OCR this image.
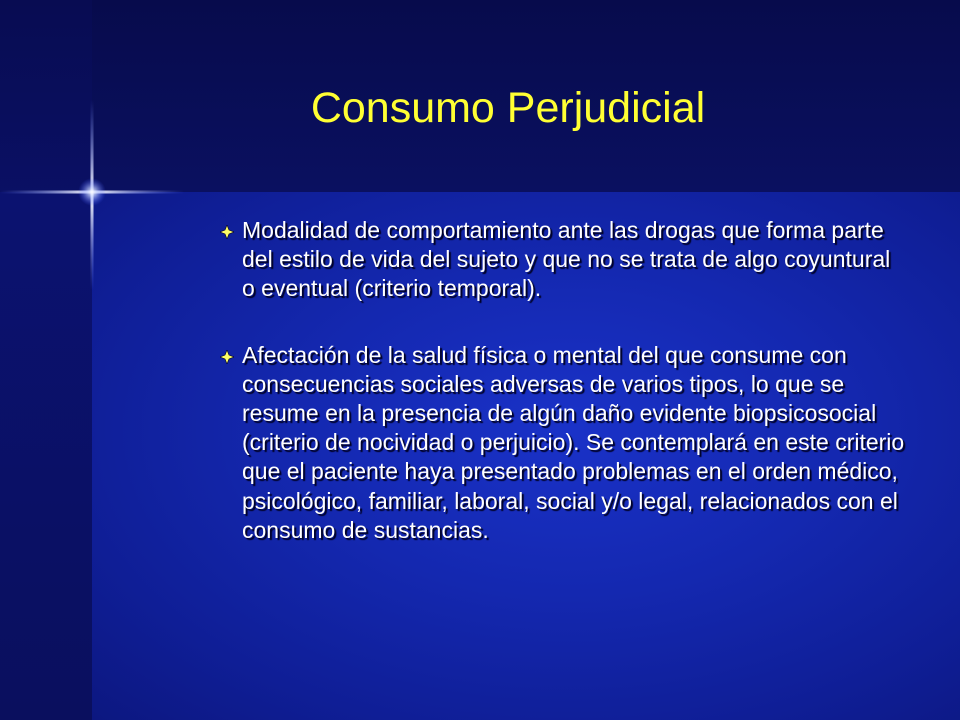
Consumo Perjudicial
Modalidad de comportamiento ante las drogas que forma parte del estilo de vida del sujeto y que no se trata de algo coyuntural o eventual (criterio temporal).
Afectación de la salud física o mental del que consume con consecuencias sociales adversas de varios tipos, lo que se resume en la presencia de algún daño evidente biopsicosocial (criterio de nocividad o perjuicio). Se contemplará en este criterio que el paciente haya presentado problemas en el orden médico, psicológico, familiar, laboral, social y/o legal, relacionados con el consumo de sustancias.
